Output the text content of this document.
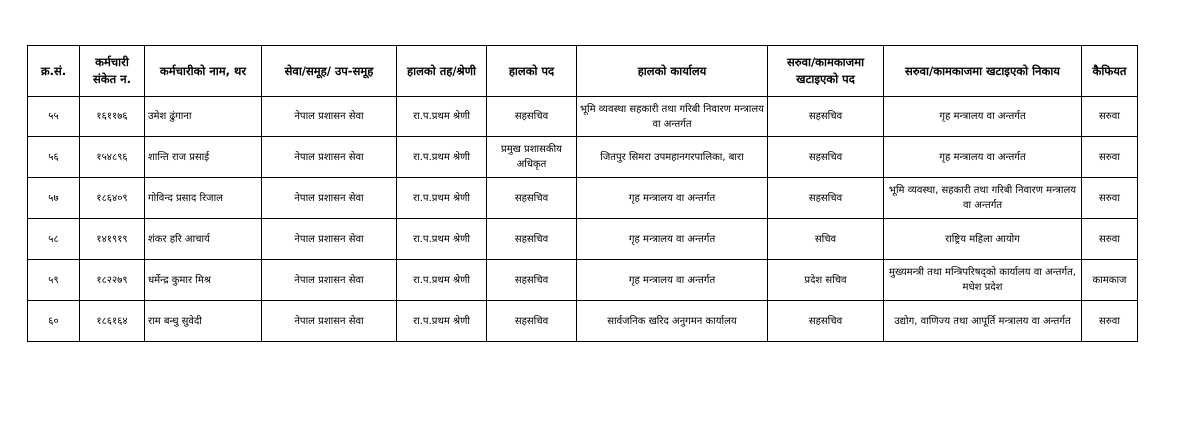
क्र.सं.	कर्मचारी संकेत न.	कर्मचारीको नाम, थर	सेवा/समूह/ उप-समूह	हालको तह/श्रेणी	हालको पद	हालको कार्यालय	सरुवा/कामकाजमा खटाइएको पद	सरुवा/कामकाजमा खटाइएको निकाय	कैफियत
५५	१६११७६	उमेश ढुंगाना	नेपाल प्रशासन सेवा	रा.प.प्रथम श्रेणी	सहसचिव	भूमि व्यवस्था सहकारी तथा गरिबी निवारण मन्त्रालय वा अन्तर्गत	सहसचिव	गृह मन्त्रालय वा अन्तर्गत	सरुवा
५६	१५४८९६	शान्ति राज प्रसाई	नेपाल प्रशासन सेवा	रा.प.प्रथम श्रेणी	प्रमुख प्रशासकीय अधिकृत	जितपुर सिमरा उपमहानगरपालिका, बारा	सहसचिव	गृह मन्त्रालय वा अन्तर्गत	सरुवा
५७	१८६४०९	गोविन्द प्रसाद रिजाल	नेपाल प्रशासन सेवा	रा.प.प्रथम श्रेणी	सहसचिव	गृह मन्त्रालय वा अन्तर्गत	सहसचिव	भूमि व्यवस्था, सहकारी तथा गरिबी निवारण मन्त्रालय वा अन्तर्गत	सरुवा
५८	१४१९१९	शंकर हरि आचार्य	नेपाल प्रशासन सेवा	रा.प.प्रथम श्रेणी	सहसचिव	गृह मन्त्रालय वा अन्तर्गत	सचिव	राष्ट्रिय महिला आयोग	सरुवा
५९	१८२२७९	धर्मेन्द्र कुमार मिश्र	नेपाल प्रशासन सेवा	रा.प.प्रथम श्रेणी	सहसचिव	गृह मन्त्रालय वा अन्तर्गत	प्रदेश सचिव	मुख्यमन्त्री तथा मन्त्रिपरिषद्को कार्यालय वा अन्तर्गत, मधेश प्रदेश	कामकाज
६०	१८६१६४	राम बन्धु सुवेदी	नेपाल प्रशासन सेवा	रा.प.प्रथम श्रेणी	सहसचिव	सार्वजनिक खरिद अनुगमन कार्यालय	सहसचिव	उद्योग, वाणिज्य तथा आपूर्ति मन्त्रालय वा अन्तर्गत	सरुवा
